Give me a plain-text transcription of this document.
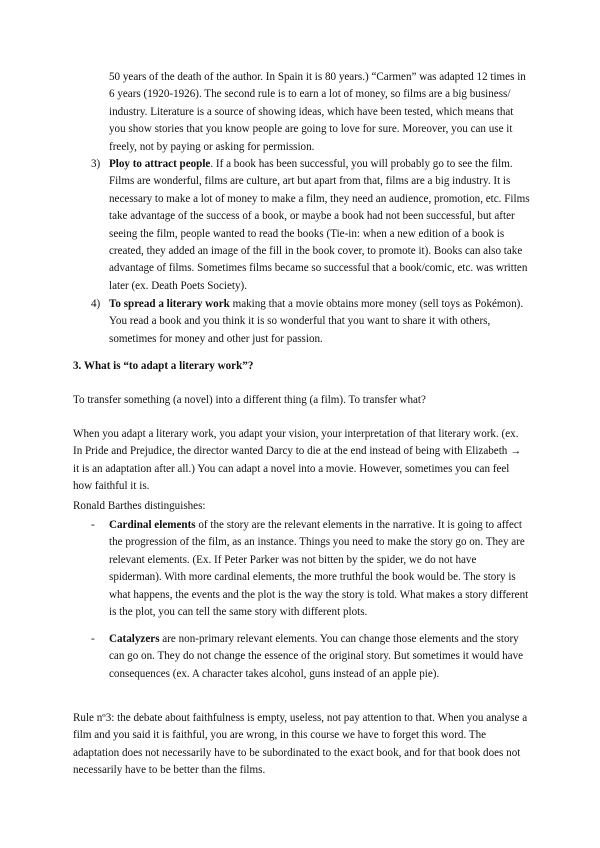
50 years of the death of the author. In Spain it is 80 years.) “Carmen” was adapted 12 times in 6 years (1920-1926). The second rule is to earn a lot of money, so films are a big business/ industry. Literature is a source of showing ideas, which have been tested, which means that you show stories that you know people are going to love for sure. Moreover, you can use it freely, not by paying or asking for permission.

3) Ploy to attract people. If a book has been successful, you will probably go to see the film. Films are wonderful, films are culture, art but apart from that, films are a big industry. It is necessary to make a lot of money to make a film, they need an audience, promotion, etc. Films take advantage of the success of a book, or maybe a book had not been successful, but after seeing the film, people wanted to read the books (Tie-in: when a new edition of a book is created, they added an image of the fill in the book cover, to promote it). Books can also take advantage of films. Sometimes films became so successful that a book/comic, etc. was written later (ex. Death Poets Society).

4) To spread a literary work making that a movie obtains more money (sell toys as Pokémon). You read a book and you think it is so wonderful that you want to share it with others, sometimes for money and other just for passion.

3. What is “to adapt a literary work”?

To transfer something (a novel) into a different thing (a film). To transfer what?

When you adapt a literary work, you adapt your vision, your interpretation of that literary work. (ex. In Pride and Prejudice, the director wanted Darcy to die at the end instead of being with Elizabeth → it is an adaptation after all.) You can adapt a novel into a movie. However, sometimes you can feel how faithful it is.

Ronald Barthes distinguishes:

- Cardinal elements of the story are the relevant elements in the narrative. It is going to affect the progression of the film, as an instance. Things you need to make the story go on. They are relevant elements. (Ex. If Peter Parker was not bitten by the spider, we do not have spiderman). With more cardinal elements, the more truthful the book would be. The story is what happens, the events and the plot is the way the story is told. What makes a story different is the plot, you can tell the same story with different plots.

- Catalyzers are non-primary relevant elements. You can change those elements and the story can go on. They do not change the essence of the original story. But sometimes it would have consequences (ex. A character takes alcohol, guns instead of an apple pie).

Rule nº3: the debate about faithfulness is empty, useless, not pay attention to that. When you analyse a film and you said it is faithful, you are wrong, in this course we have to forget this word. The adaptation does not necessarily have to be subordinated to the exact book, and for that book does not necessarily have to be better than the films.
